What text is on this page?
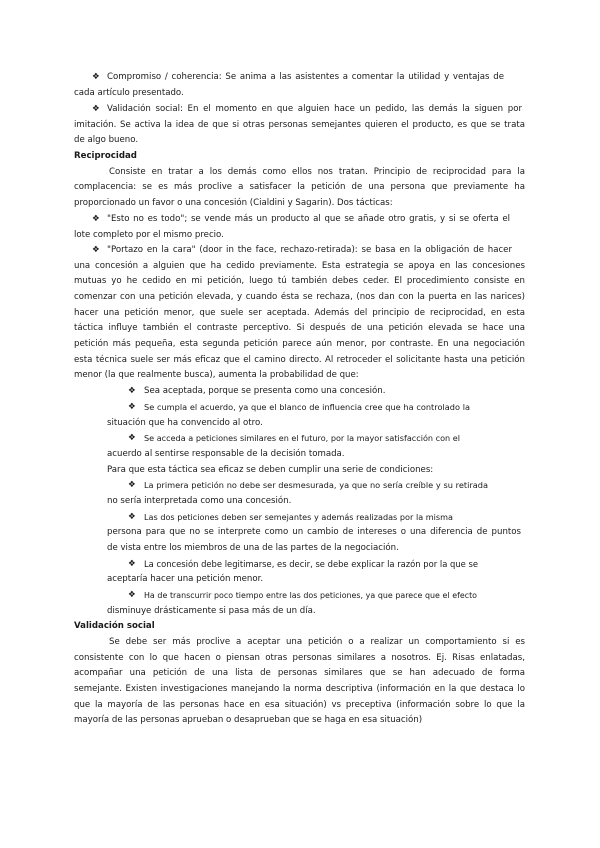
❖ Compromiso / coherencia: Se anima a las asistentes a comentar la utilidad y ventajas de

cada artículo presentado.

❖ Validación social: En el momento en que alguien hace un pedido, las demás la siguen por

imitación. Se activa la idea de que si otras personas semejantes quieren el producto, es que se trata

de algo bueno.

Reciprocidad

Consiste en tratar a los demás como ellos nos tratan. Principio de reciprocidad para la

complacencia: se es más proclive a satisfacer la petición de una persona que previamente ha

proporcionado un favor o una concesión (Cialdini y Sagarin). Dos tácticas:

❖ "Esto no es todo"; se vende más un producto al que se añade otro gratis, y si se oferta el

lote completo por el mismo precio.

❖ "Portazo en la cara" (door in the face, rechazo-retirada): se basa en la obligación de hacer

una concesión a alguien que ha cedido previamente. Esta estrategia se apoya en las concesiones

mutuas yo he cedido en mi petición, luego tú también debes ceder. El procedimiento consiste en

comenzar con una petición elevada, y cuando ésta se rechaza, (nos dan con la puerta en las narices)

hacer una petición menor, que suele ser aceptada. Además del principio de reciprocidad, en esta

táctica influye también el contraste perceptivo. Si después de una petición elevada se hace una

petición más pequeña, esta segunda petición parece aún menor, por contraste. En una negociación

esta técnica suele ser más eficaz que el camino directo. Al retroceder el solicitante hasta una petición

menor (la que realmente busca), aumenta la probabilidad de que:

❖ Sea aceptada, porque se presenta como una concesión.

❖ Se cumpla el acuerdo, ya que el blanco de influencia cree que ha controlado la

situación que ha convencido al otro.

❖ Se acceda a peticiones similares en el futuro, por la mayor satisfacción con el

acuerdo al sentirse responsable de la decisión tomada.

Para que esta táctica sea eficaz se deben cumplir una serie de condiciones:

❖ La primera petición no debe ser desmesurada, ya que no sería creíble y su retirada

no sería interpretada como una concesión.

❖ Las dos peticiones deben ser semejantes y además realizadas por la misma

persona para que no se interprete como un cambio de intereses o una diferencia de puntos

de vista entre los miembros de una de las partes de la negociación.

❖ La concesión debe legitimarse, es decir, se debe explicar la razón por la que se

aceptaría hacer una petición menor.

❖ Ha de transcurrir poco tiempo entre las dos peticiones, ya que parece que el efecto

disminuye drásticamente si pasa más de un día.

Validación social

Se debe ser más proclive a aceptar una petición o a realizar un comportamiento si es

consistente con lo que hacen o piensan otras personas similares a nosotros. Ej. Risas enlatadas,

acompañar una petición de una lista de personas similares que se han adecuado de forma

semejante. Existen investigaciones manejando la norma descriptiva (información en la que destaca lo

que la mayoría de las personas hace en esa situación) vs preceptiva (información sobre lo que la

mayoría de las personas aprueban o desaprueban que se haga en esa situación)
